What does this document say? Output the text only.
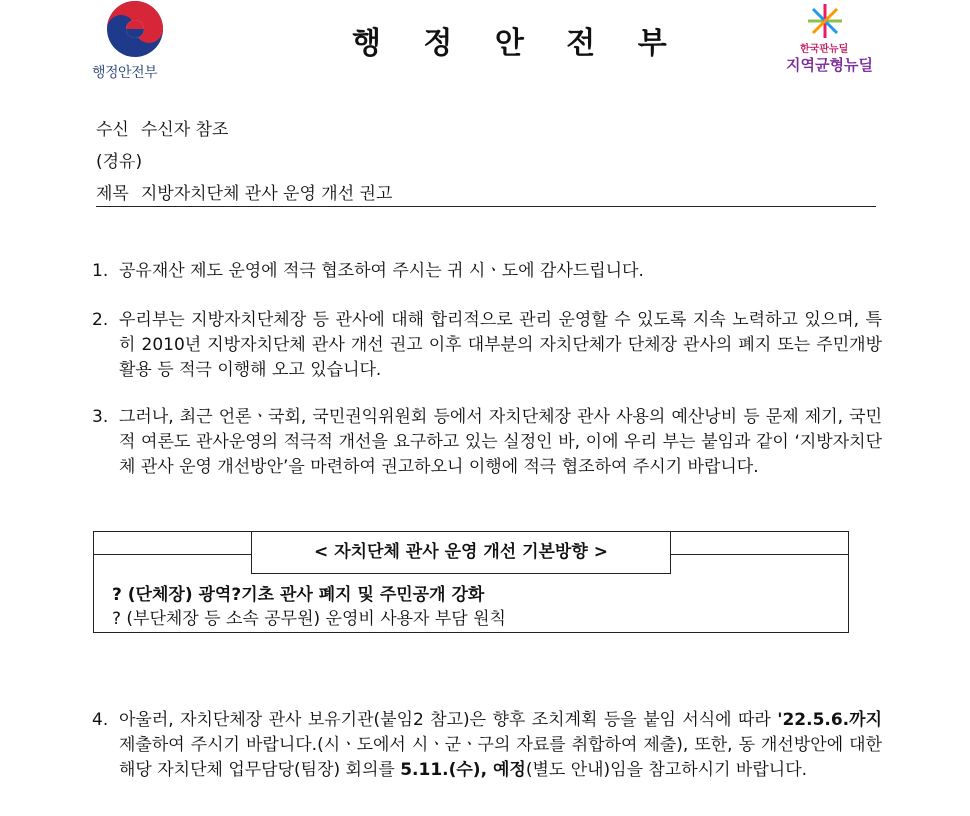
행정안전부
행 정 안 전 부	한국판뉴딜
지역균형뉴딜
수신 수신자 참조
(경유)
제목 지방자치단체 관사 운영 개선 권고
1. 공유재산 제도 운영에 적극 협조하여 주시는 귀 시ㆍ도에 감사드립니다.
2. 우리부는 지방자치단체장 등 관사에 대해 합리적으로 관리 운영할 수 있도록 지속 노력하고 있으며, 특히 2010년 지방자치단체 관사 개선 권고 이후 대부분의 자치단체가 단체장 관사의 폐지 또는 주민개방 활용 등 적극 이행해 오고 있습니다.
3. 그러나, 최근 언론ㆍ국회, 국민권익위원회 등에서 자치단체장 관사 사용의 예산낭비 등 문제 제기, 국민적 여론도 관사운영의 적극적 개선을 요구하고 있는 실정인 바, 이에 우리 부는 붙임과 같이 ‘지방자치단체 관사 운영 개선방안’을 마련하여 권고하오니 이행에 적극 협조하여 주시기 바랍니다.
< 자치단체 관사 운영 개선 기본방향 >
? (단체장) 광역?기초 관사 폐지 및 주민공개 강화
? (부단체장 등 소속 공무원) 운영비 사용자 부담 원칙
4. 아울러, 자치단체장 관사 보유기관(붙임2 참고)은 향후 조치계획 등을 붙임 서식에 따라 '22.5.6.까지 제출하여 주시기 바랍니다.(시ㆍ도에서 시ㆍ군ㆍ구의 자료를 취합하여 제출), 또한, 동 개선방안에 대한 해당 자치단체 업무담당(팀장) 회의를 5.11.(수), 예정(별도 안내)임을 참고하시기 바랍니다.
